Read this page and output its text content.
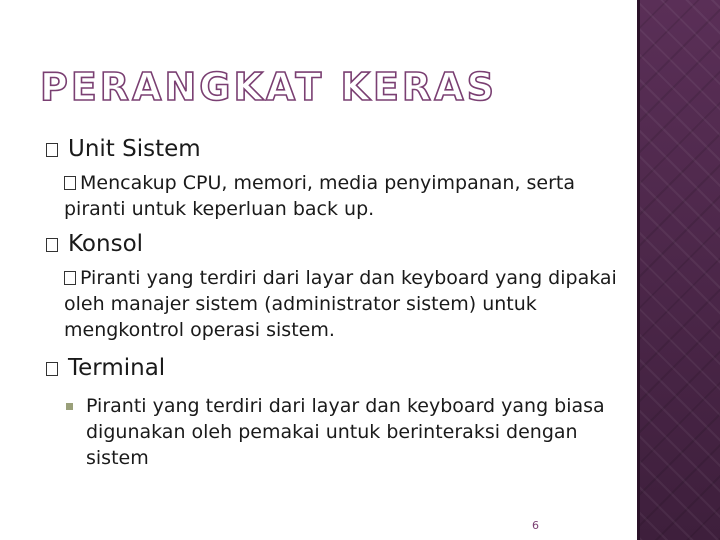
PERANGKAT KERAS
Unit Sistem
Mencakup CPU, memori, media penyimpanan, serta piranti untuk keperluan back up.
Konsol
Piranti yang terdiri dari layar dan keyboard yang dipakai oleh manajer sistem (administrator sistem) untuk mengkontrol operasi sistem.
Terminal
Piranti yang terdiri dari layar dan keyboard yang biasa digunakan oleh pemakai untuk berinteraksi dengan sistem
6
